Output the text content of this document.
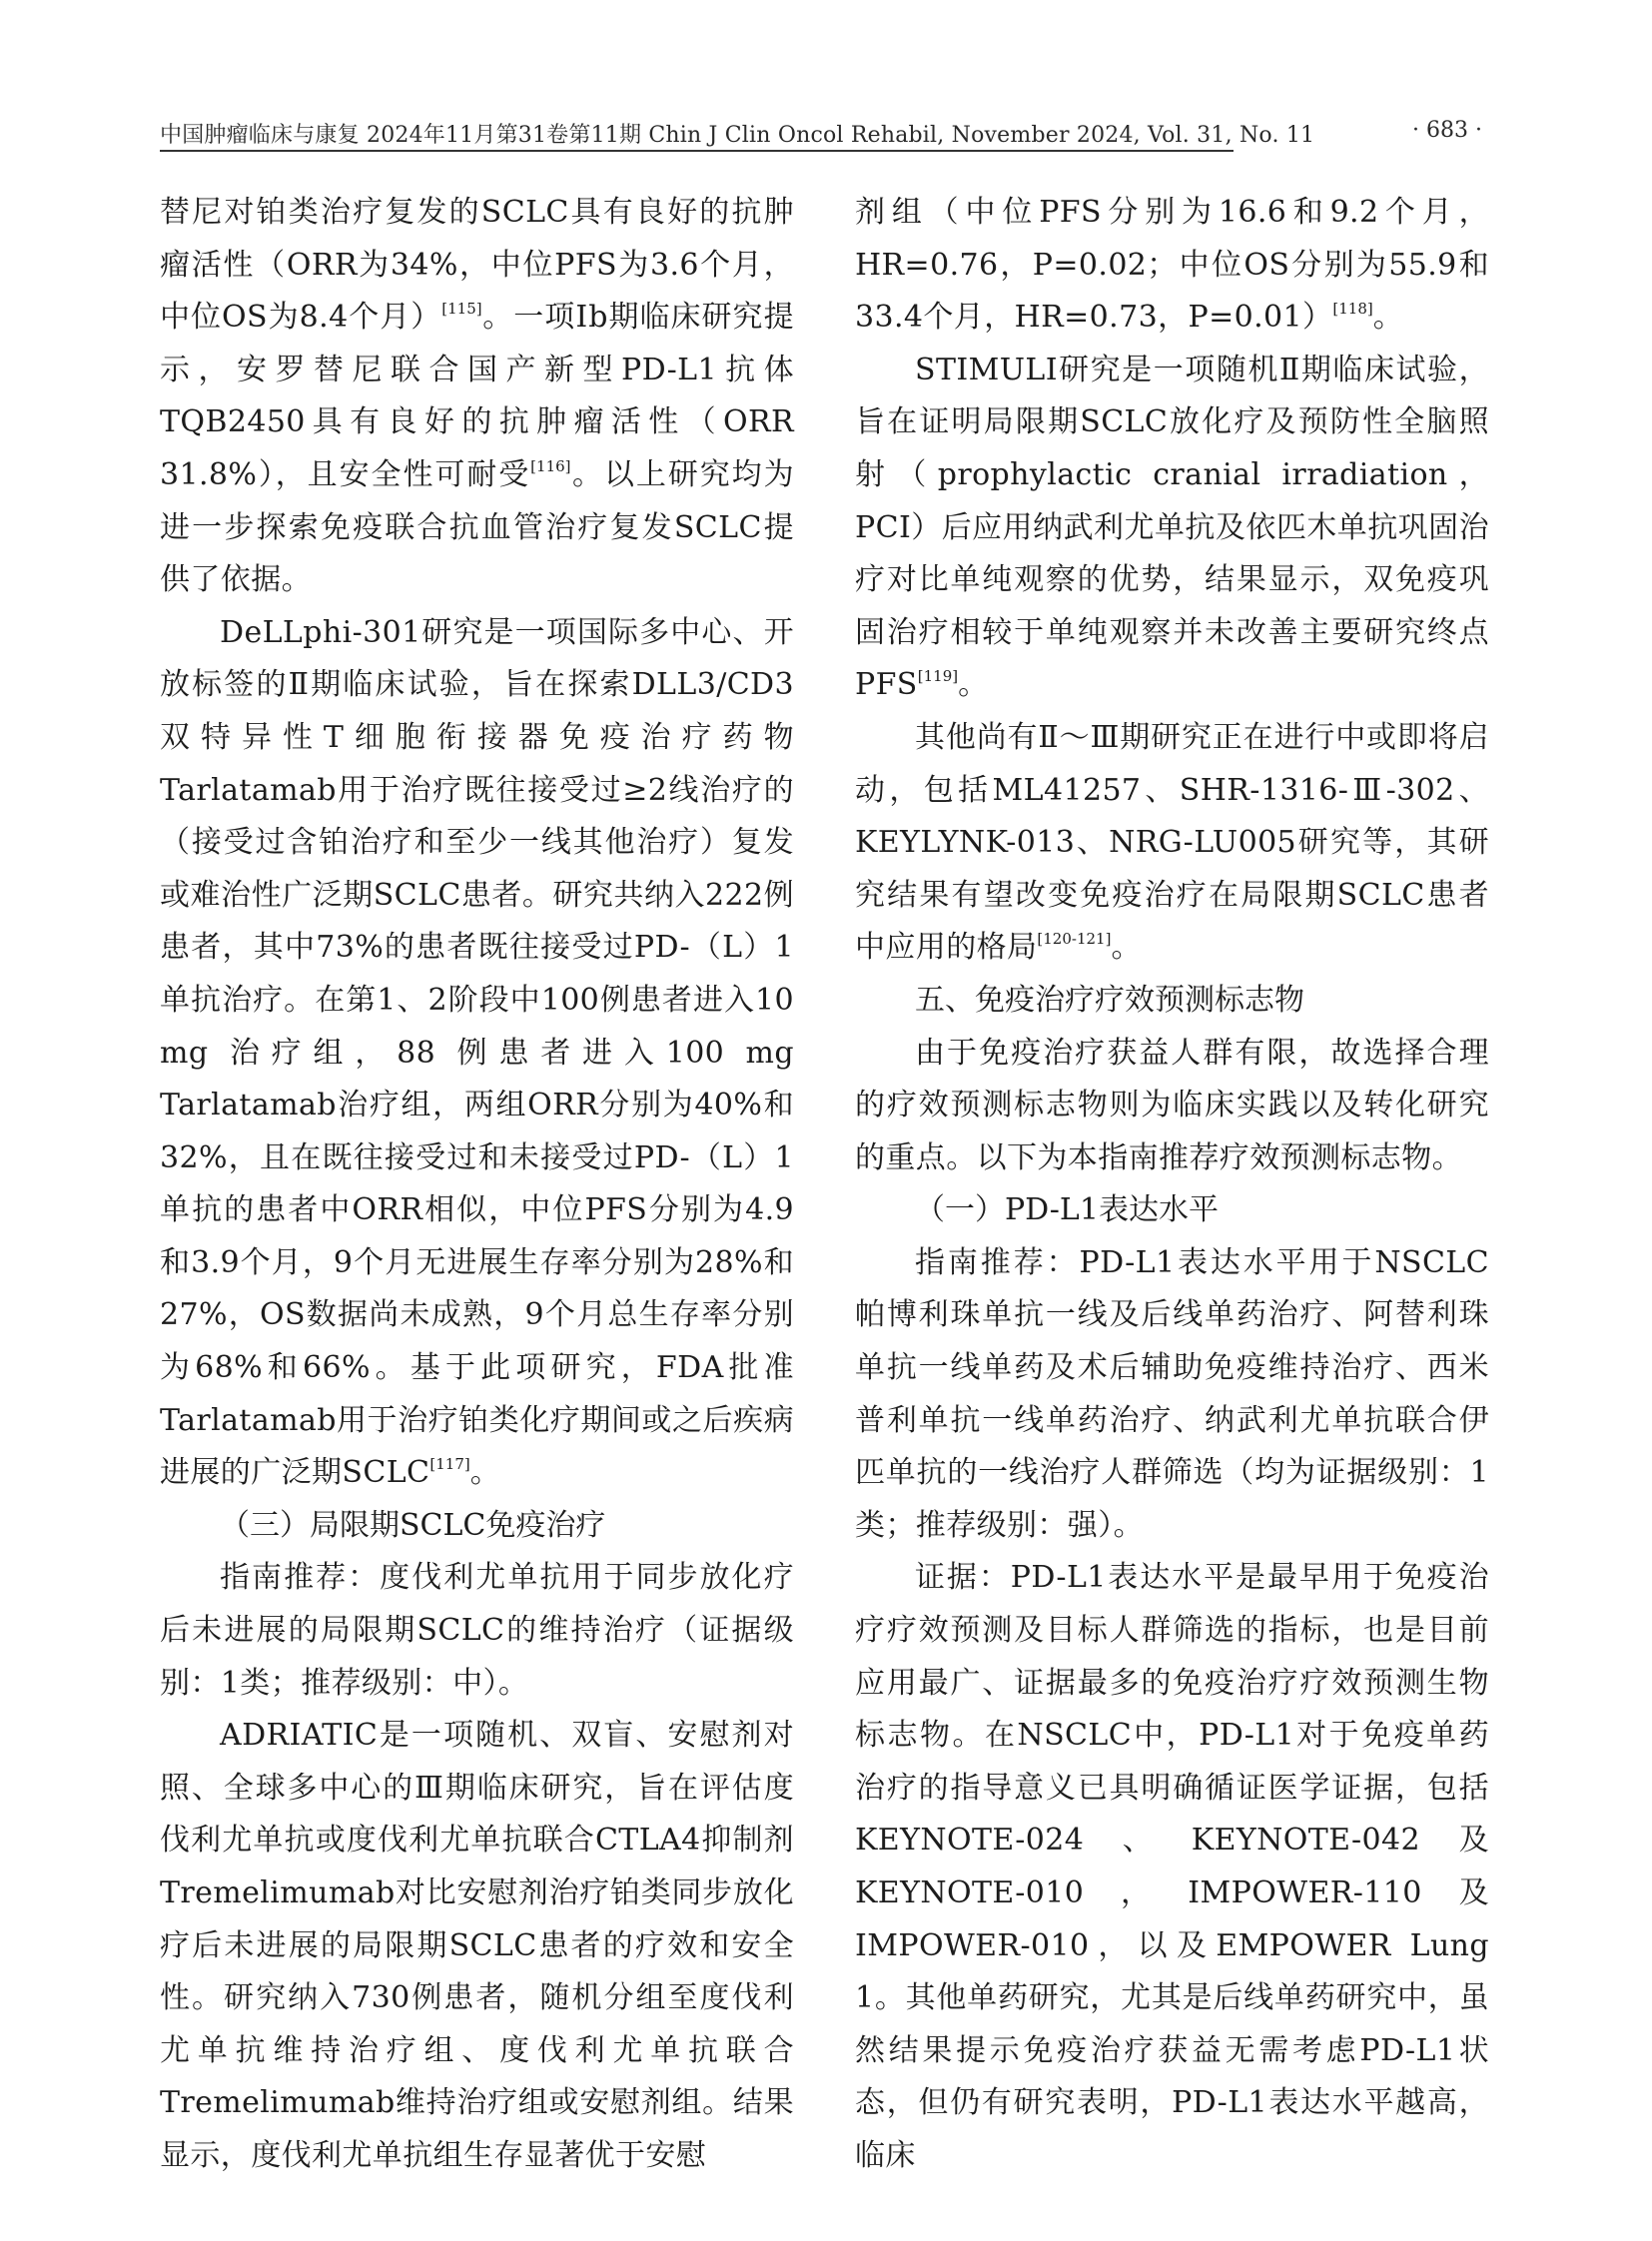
中国肿瘤临床与康复 2024年11月第31卷第11期 Chin J Clin Oncol Rehabil, November 2024, Vol. 31, No. 11	· 683 ·

替尼对铂类治疗复发的SCLC具有良好的抗肿瘤活性（ORR为34%，中位PFS为3.6个月，中位OS为8.4个月）[115]。一项Ⅰb期临床研究提示，安罗替尼联合国产新型PD-L1抗体TQB2450具有良好的抗肿瘤活性（ORR 31.8%），且安全性可耐受[116]。以上研究均为进一步探索免疫联合抗血管治疗复发SCLC提供了依据。

DeLLphi-301研究是一项国际多中心、开放标签的Ⅱ期临床试验，旨在探索DLL3/CD3双特异性T细胞衔接器免疫治疗药物Tarlatamab用于治疗既往接受过≥2线治疗的（接受过含铂治疗和至少一线其他治疗）复发或难治性广泛期SCLC患者。研究共纳入222例患者，其中73%的患者既往接受过PD-（L）1单抗治疗。在第1、2阶段中100例患者进入10 mg 治疗组，88 例患者进入100 mg Tarlatamab治疗组，两组ORR分别为40%和32%，且在既往接受过和未接受过PD-（L）1单抗的患者中ORR相似，中位PFS分别为4.9和3.9个月，9个月无进展生存率分别为28%和27%，OS数据尚未成熟，9个月总生存率分别为68%和66%。基于此项研究，FDA批准Tarlatamab用于治疗铂类化疗期间或之后疾病进展的广泛期SCLC[117]。

（三）局限期SCLC免疫治疗

指南推荐：度伐利尤单抗用于同步放化疗后未进展的局限期SCLC的维持治疗（证据级别：1类；推荐级别：中）。

ADRIATIC是一项随机、双盲、安慰剂对照、全球多中心的Ⅲ期临床研究，旨在评估度伐利尤单抗或度伐利尤单抗联合CTLA4抑制剂Tremelimumab对比安慰剂治疗铂类同步放化疗后未进展的局限期SCLC患者的疗效和安全性。研究纳入730例患者，随机分组至度伐利尤单抗维持治疗组、度伐利尤单抗联合Tremelimumab维持治疗组或安慰剂组。结果显示，度伐利尤单抗组生存显著优于安慰

剂组（中位PFS分别为16.6和9.2个月，HR=0.76，P=0.02；中位OS分别为55.9和33.4个月，HR=0.73，P=0.01）[118]。

STIMULI研究是一项随机Ⅱ期临床试验，旨在证明局限期SCLC放化疗及预防性全脑照射（prophylactic cranial irradiation，PCI）后应用纳武利尤单抗及依匹木单抗巩固治疗对比单纯观察的优势，结果显示，双免疫巩固治疗相较于单纯观察并未改善主要研究终点PFS[119]。

其他尚有Ⅱ～Ⅲ期研究正在进行中或即将启动，包括ML41257、SHR-1316-Ⅲ-302、KEYLYNK-013、NRG-LU005研究等，其研究结果有望改变免疫治疗在局限期SCLC患者中应用的格局[120-121]。

五、免疫治疗疗效预测标志物

由于免疫治疗获益人群有限，故选择合理的疗效预测标志物则为临床实践以及转化研究的重点。以下为本指南推荐疗效预测标志物。

（一）PD-L1表达水平

指南推荐：PD-L1表达水平用于NSCLC帕博利珠单抗一线及后线单药治疗、阿替利珠单抗一线单药及术后辅助免疫维持治疗、西米普利单抗一线单药治疗、纳武利尤单抗联合伊匹单抗的一线治疗人群筛选（均为证据级别：1类；推荐级别：强）。

证据：PD-L1表达水平是最早用于免疫治疗疗效预测及目标人群筛选的指标，也是目前应用最广、证据最多的免疫治疗疗效预测生物标志物。在NSCLC中，PD-L1对于免疫单药治疗的指导意义已具明确循证医学证据，包括KEYNOTE-024、KEYNOTE-042及KEYNOTE-010，IMPOWER-110及IMPOWER-010，以及EMPOWER Lung 1。其他单药研究，尤其是后线单药研究中，虽然结果提示免疫治疗获益无需考虑PD-L1状态，但仍有研究表明，PD-L1表达水平越高，临床
